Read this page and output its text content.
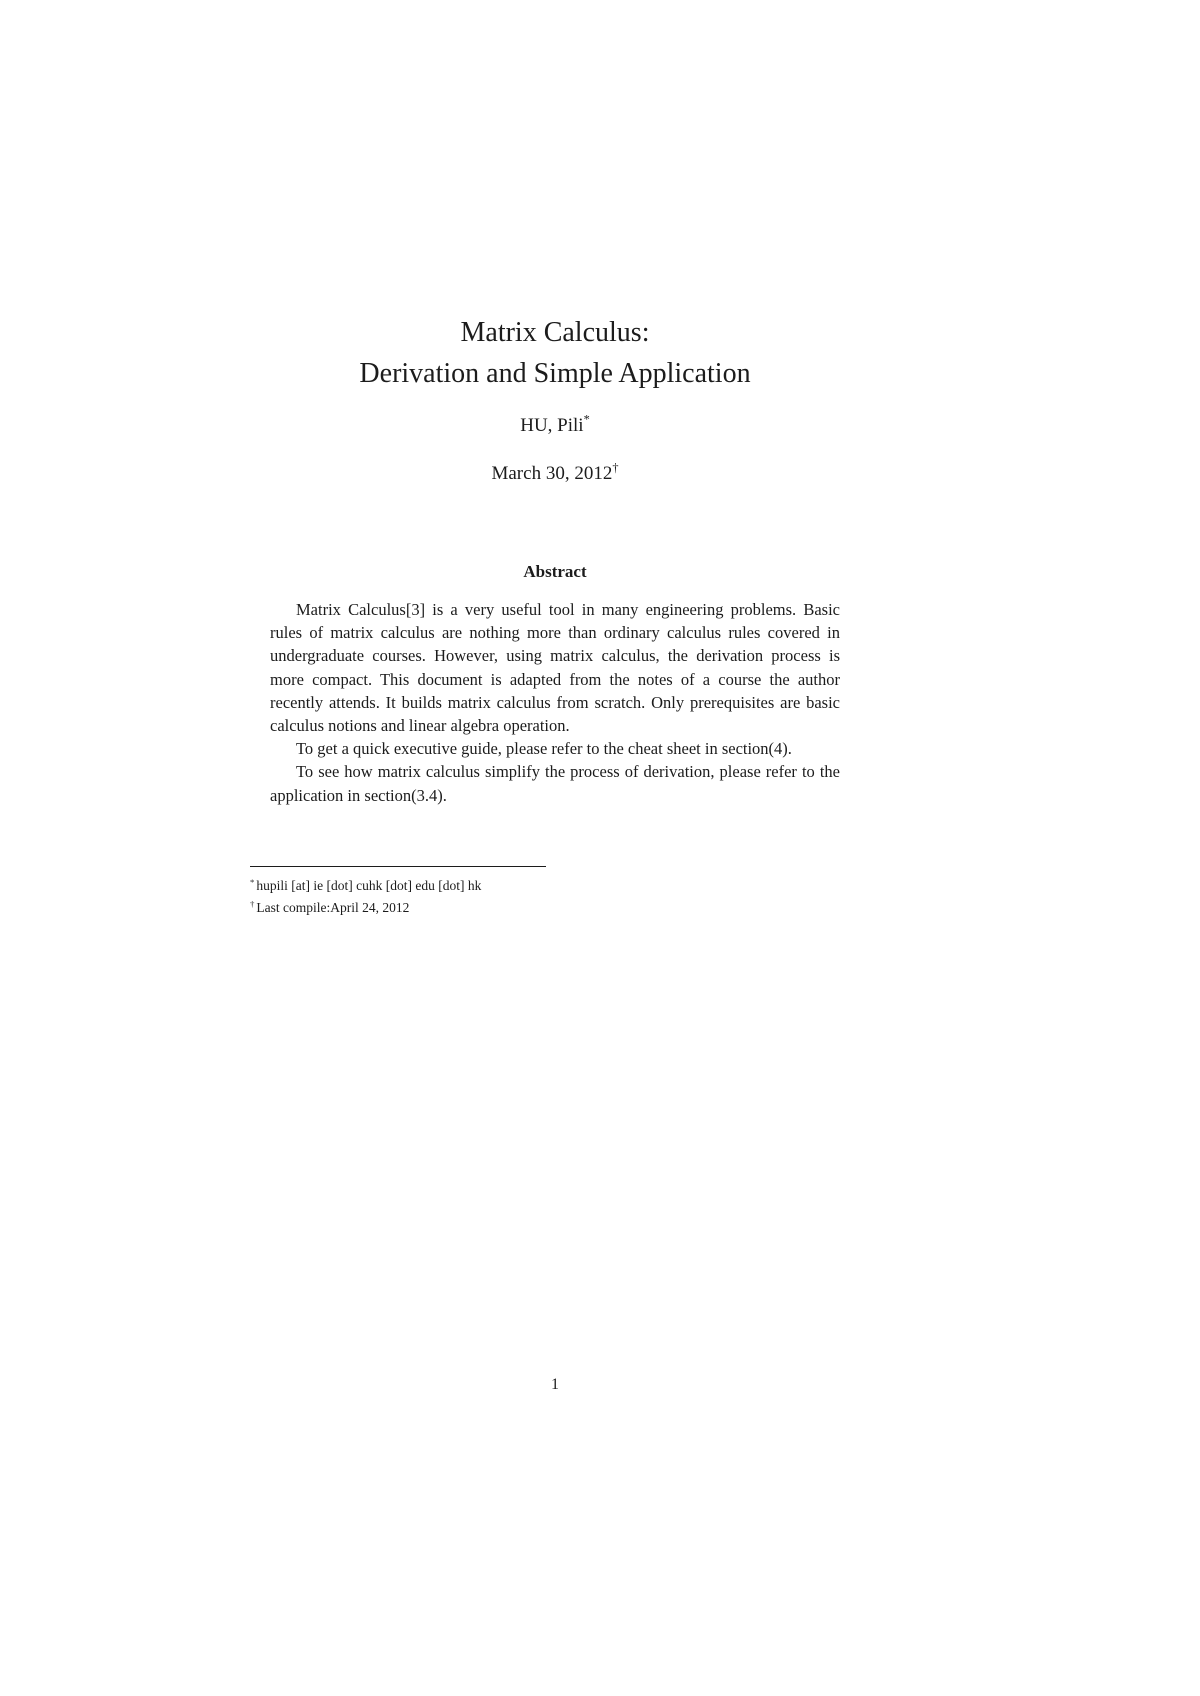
Matrix Calculus:
Derivation and Simple Application
HU, Pili*
March 30, 2012†
Abstract

Matrix Calculus[3] is a very useful tool in many engineering problems. Basic rules of matrix calculus are nothing more than ordinary calculus rules covered in undergraduate courses. However, using matrix calculus, the derivation process is more compact. This document is adapted from the notes of a course the author recently attends. It builds matrix calculus from scratch. Only prerequisites are basic calculus notions and linear algebra operation.

To get a quick executive guide, please refer to the cheat sheet in section(4).

To see how matrix calculus simplify the process of derivation, please refer to the application in section(3.4).

* hupili [at] ie [dot] cuhk [dot] edu [dot] hk
† Last compile:April 24, 2012
1
